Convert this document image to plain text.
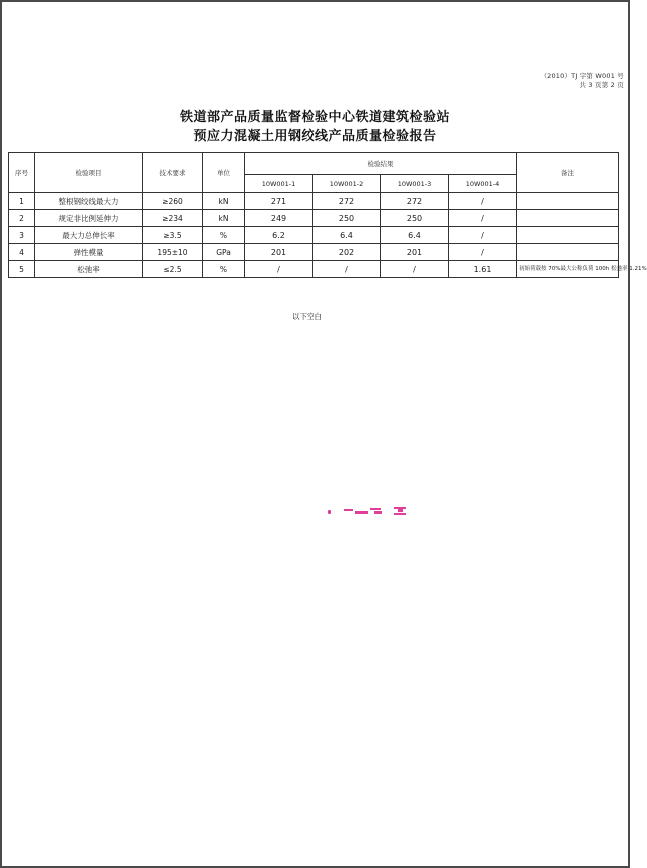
（2010）TJ 字第 W001 号
共 3 页第 2 页
铁道部产品质量监督检验中心铁道建筑检验站
预应力混凝土用钢绞线产品质量检验报告
序号	检验项目	技术要求	单位	检验结果				备注
				10W001-1	10W001-2	10W001-3	10W001-4	
1	整根钢绞线最大力	≥260	kN	271	272	272	/	
2	规定非比例延伸力	≥234	kN	249	250	250	/	
3	最大力总伸长率	≥3.5	%	6.2	6.4	6.4	/	
4	弹性模量	195±10	GPa	201	202	201	/	
5	松弛率	≤2.5	%	/	/	/	1.61	初始荷载按 70%最大公称负荷 100h 松弛率 1.21%
以下空白
